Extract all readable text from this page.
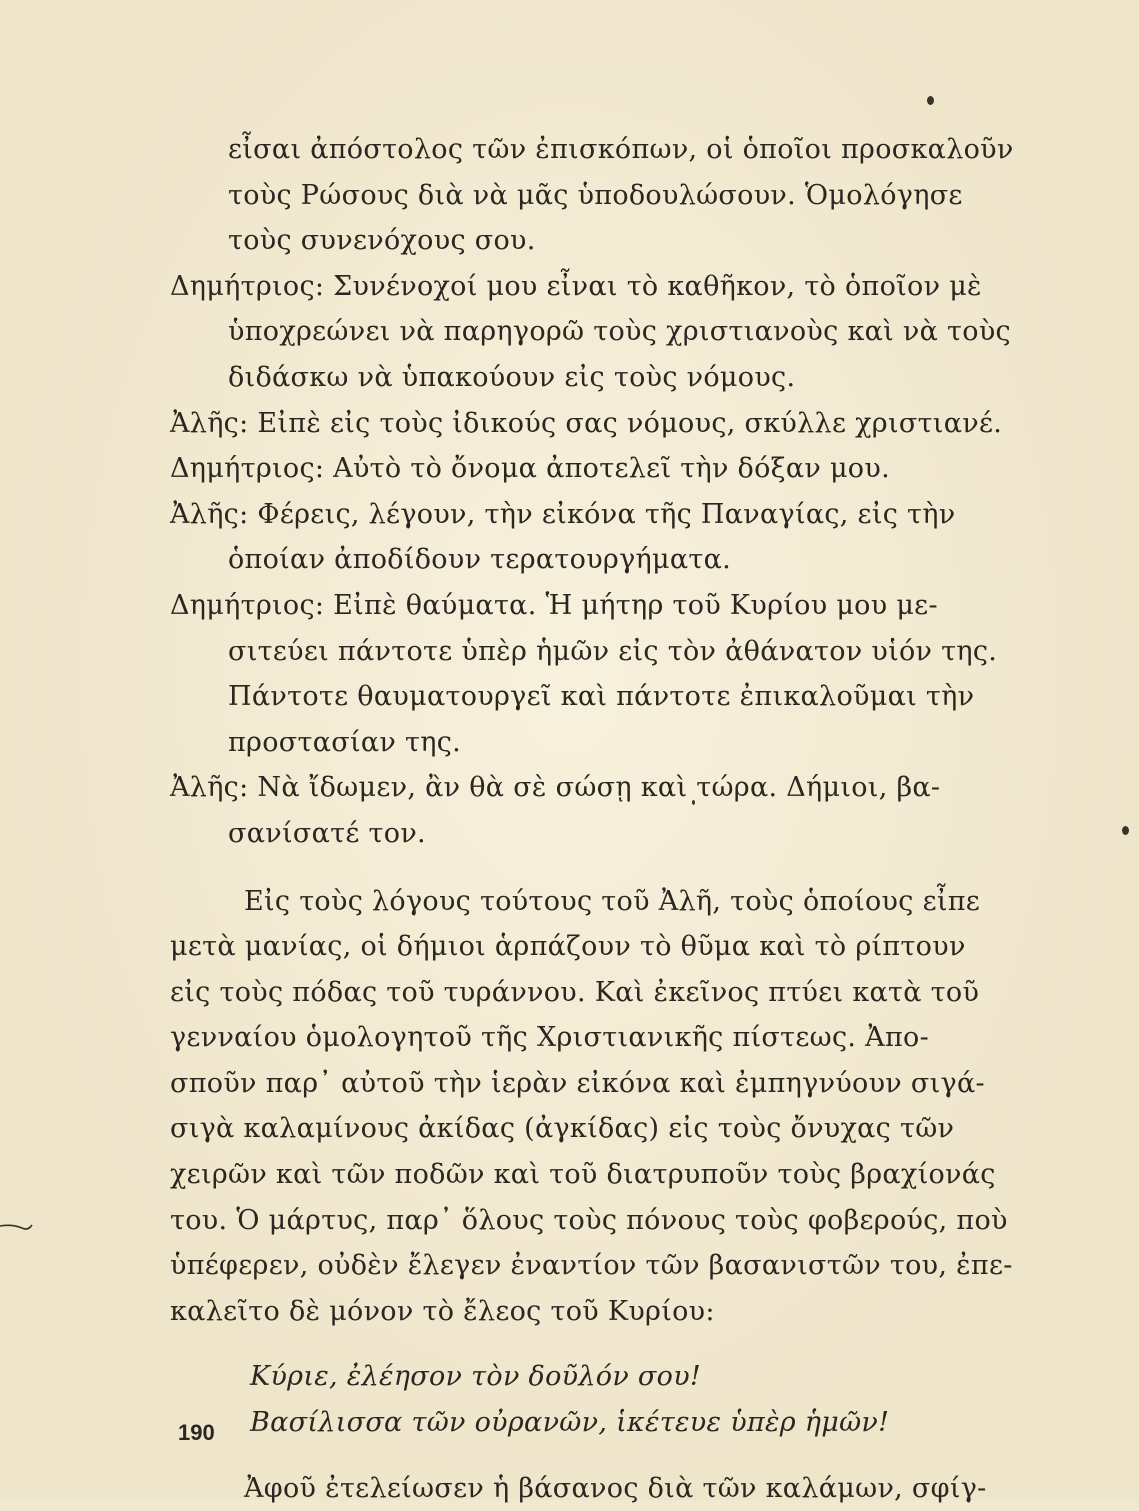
εἶσαι ἀπόστολος τῶν ἐπισκόπων, οἱ ὁποῖοι προσκαλοῦν
τοὺς Ρώσους διὰ νὰ μᾶς ὑποδουλώσουν. Ὁμολόγησε
τοὺς συνενόχους σου.
Δημήτριος: Συνένοχοί μου εἶναι τὸ καθῆκον, τὸ ὁποῖον μὲ
ὑποχρεώνει νὰ παρηγορῶ τοὺς χριστιανοὺς καὶ νὰ τοὺς
διδάσκω νὰ ὑπακούουν εἰς τοὺς νόμους.
Ἀλῆς: Εἰπὲ εἰς τοὺς ἰδικούς σας νόμους, σκύλλε χριστιανέ.
Δημήτριος: Αὐτὸ τὸ ὄνομα ἀποτελεῖ τὴν δόξαν μου.
Ἀλῆς: Φέρεις, λέγουν, τὴν εἰκόνα τῆς Παναγίας, εἰς τὴν
ὁποίαν ἀποδίδουν τερατουργήματα.
Δημήτριος: Εἰπὲ θαύματα. Ἡ μήτηρ τοῦ Κυρίου μου με-
σιτεύει πάντοτε ὑπὲρ ἡμῶν εἰς τὸν ἀθάνατον υἱόν της.
Πάντοτε θαυματουργεῖ καὶ πάντοτε ἐπικαλοῦμαι τὴν
προστασίαν της.
Ἀλῆς: Νὰ ἴδωμεν, ἂν θὰ σὲ σώσῃ καὶ τώρα. Δήμιοι, βα-
σανίσατέ τον.
Εἰς τοὺς λόγους τούτους τοῦ Ἀλῆ, τοὺς ὁποίους εἶπε
μετὰ μανίας, οἱ δήμιοι ἁρπάζουν τὸ θῦμα καὶ τὸ ρίπτουν
εἰς τοὺς πόδας τοῦ τυράννου. Καὶ ἐκεῖνος πτύει κατὰ τοῦ
γενναίου ὁμολογητοῦ τῆς Χριστιανικῆς πίστεως. Ἀπο-
σποῦν παρ᾽ αὐτοῦ τὴν ἱερὰν εἰκόνα καὶ ἐμπηγνύουν σιγά-
σιγὰ καλαμίνους ἀκίδας (ἀγκίδας) εἰς τοὺς ὄνυχας τῶν
χειρῶν καὶ τῶν ποδῶν καὶ τοῦ διατρυποῦν τοὺς βραχίονάς
του. Ὁ μάρτυς, παρ᾽ ὅλους τοὺς πόνους τοὺς φοβερούς, ποὺ
ὑπέφερεν, οὐδὲν ἔλεγεν ἐναντίον τῶν βασανιστῶν του, ἐπε-
καλεῖτο δὲ μόνον τὸ ἔλεος τοῦ Κυρίου:
Κύριε, ἐλέησον τὸν δοῦλόν σου!
Βασίλισσα τῶν οὐρανῶν, ἱκέτευε ὑπὲρ ἡμῶν!
Ἀφοῦ ἐτελείωσεν ἡ βάσανος διὰ τῶν καλάμων, σφίγ-
190
